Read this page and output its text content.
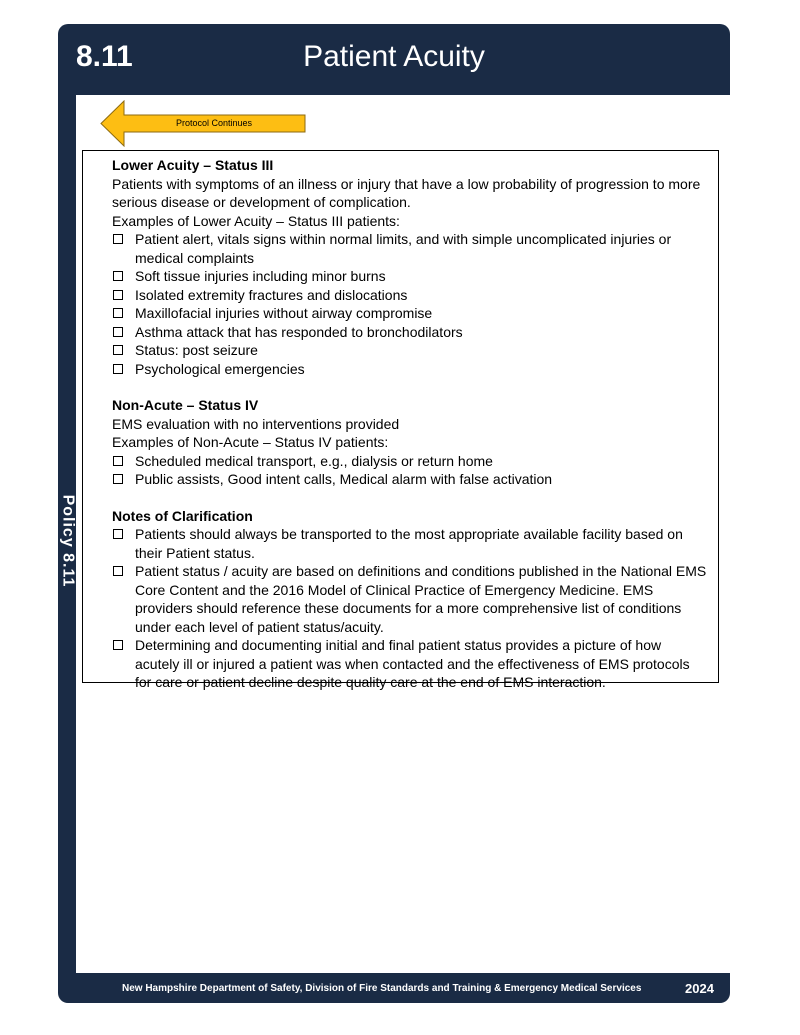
8.11	Patient Acuity
Policy 8.11
Protocol Continues
Lower Acuity – Status III
Patients with symptoms of an illness or injury that have a low probability of progression to more serious disease or development of complication.
Examples of Lower Acuity – Status III patients:
Patient alert, vitals signs within normal limits, and with simple uncomplicated injuries or medical complaints
Soft tissue injuries including minor burns
Isolated extremity fractures and dislocations
Maxillofacial injuries without airway compromise
Asthma attack that has responded to bronchodilators
Status: post seizure
Psychological emergencies
Non-Acute – Status IV
EMS evaluation with no interventions provided
Examples of Non-Acute – Status IV patients:
Scheduled medical transport, e.g., dialysis or return home
Public assists, Good intent calls, Medical alarm with false activation
Notes of Clarification
Patients should always be transported to the most appropriate available facility based on their Patient status.
Patient status / acuity are based on definitions and conditions published in the National EMS Core Content and the 2016 Model of Clinical Practice of Emergency Medicine. EMS providers should reference these documents for a more comprehensive list of conditions under each level of patient status/acuity.
Determining and documenting initial and final patient status provides a picture of how acutely ill or injured a patient was when contacted and the effectiveness of EMS protocols for care or patient decline despite quality care at the end of EMS interaction.
New Hampshire Department of Safety, Division of Fire Standards and Training & Emergency Medical Services	2024
